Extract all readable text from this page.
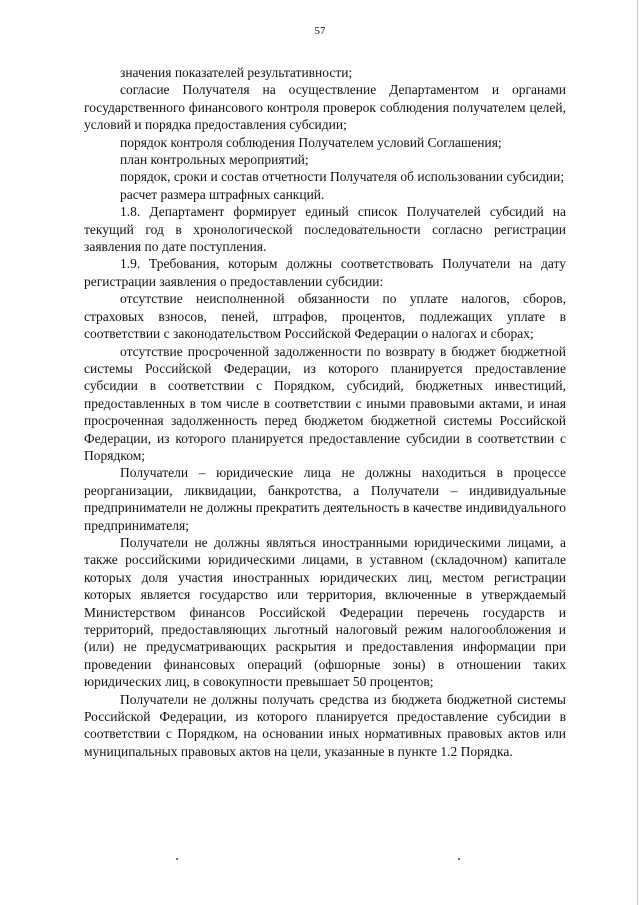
57

значения показателей результативности;

согласие Получателя на осуществление Департаментом и органами государственного финансового контроля проверок соблюдения получателем целей, условий и порядка предоставления субсидии;

порядок контроля соблюдения Получателем условий Соглашения;

план контрольных мероприятий;

порядок, сроки и состав отчетности Получателя об использовании субсидии;

расчет размера штрафных санкций.

1.8. Департамент формирует единый список Получателей субсидий на текущий год в хронологической последовательности согласно регистрации заявления по дате поступления.

1.9. Требования, которым должны соответствовать Получатели на дату регистрации заявления о предоставлении субсидии:

отсутствие неисполненной обязанности по уплате налогов, сборов, страховых взносов, пеней, штрафов, процентов, подлежащих уплате в соответствии с законодательством Российской Федерации о налогах и сборах;

отсутствие просроченной задолженности по возврату в бюджет бюджетной системы Российской Федерации, из которого планируется предоставление субсидии в соответствии с Порядком, субсидий, бюджетных инвестиций, предоставленных в том числе в соответствии с иными правовыми актами, и иная просроченная задолженность перед бюджетом бюджетной системы Российской Федерации, из которого планируется предоставление субсидии в соответствии с Порядком;

Получатели – юридические лица не должны находиться в процессе реорганизации, ликвидации, банкротства, а Получатели – индивидуальные предприниматели не должны прекратить деятельность в качестве индивидуального предпринимателя;

Получатели не должны являться иностранными юридическими лицами, а также российскими юридическими лицами, в уставном (складочном) капитале которых доля участия иностранных юридических лиц, местом регистрации которых является государство или территория, включенные в утверждаемый Министерством финансов Российской Федерации перечень государств и территорий, предоставляющих льготный налоговый режим налогообложения и (или) не предусматривающих раскрытия и предоставления информации при проведении финансовых операций (офшорные зоны) в отношении таких юридических лиц, в совокупности превышает 50 процентов;

Получатели не должны получать средства из бюджета бюджетной системы Российской Федерации, из которого планируется предоставление субсидии в соответствии с Порядком, на основании иных нормативных правовых актов или муниципальных правовых актов на цели, указанные в пункте 1.2 Порядка.
